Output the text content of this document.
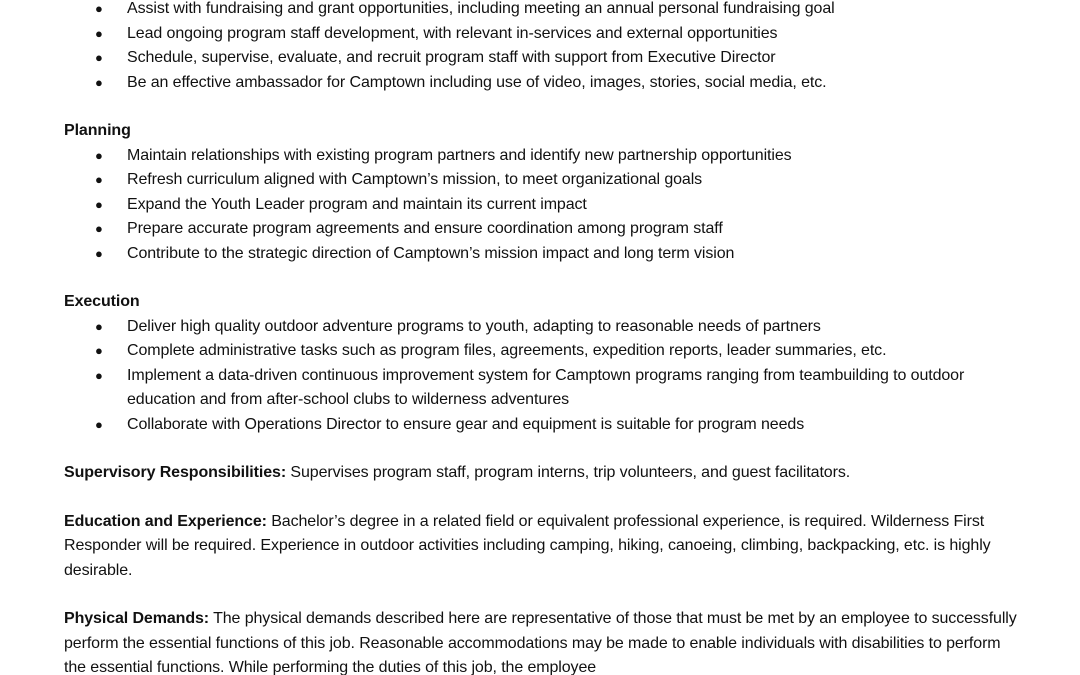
● Assist with fundraising and grant opportunities, including meeting an annual personal fundraising goal
● Lead ongoing program staff development, with relevant in-services and external opportunities
● Schedule, supervise, evaluate, and recruit program staff with support from Executive Director
● Be an effective ambassador for Camptown including use of video, images, stories, social media, etc.
Planning
● Maintain relationships with existing program partners and identify new partnership opportunities
● Refresh curriculum aligned with Camptown’s mission, to meet organizational goals
● Expand the Youth Leader program and maintain its current impact
● Prepare accurate program agreements and ensure coordination among program staff
● Contribute to the strategic direction of Camptown’s mission impact and long term vision
Execution
● Deliver high quality outdoor adventure programs to youth, adapting to reasonable needs of partners
● Complete administrative tasks such as program files, agreements, expedition reports, leader summaries, etc.
● Implement a data-driven continuous improvement system for Camptown programs ranging from teambuilding to outdoor education and from after-school clubs to wilderness adventures
● Collaborate with Operations Director to ensure gear and equipment is suitable for program needs
Supervisory Responsibilities: Supervises program staff, program interns, trip volunteers, and guest facilitators.
Education and Experience: Bachelor’s degree in a related field or equivalent professional experience, is required. Wilderness First Responder will be required. Experience in outdoor activities including camping, hiking, canoeing, climbing, backpacking, etc. is highly desirable.
Physical Demands: The physical demands described here are representative of those that must be met by an employee to successfully perform the essential functions of this job. Reasonable accommodations may be made to enable individuals with disabilities to perform the essential functions. While performing the duties of this job, the employee
